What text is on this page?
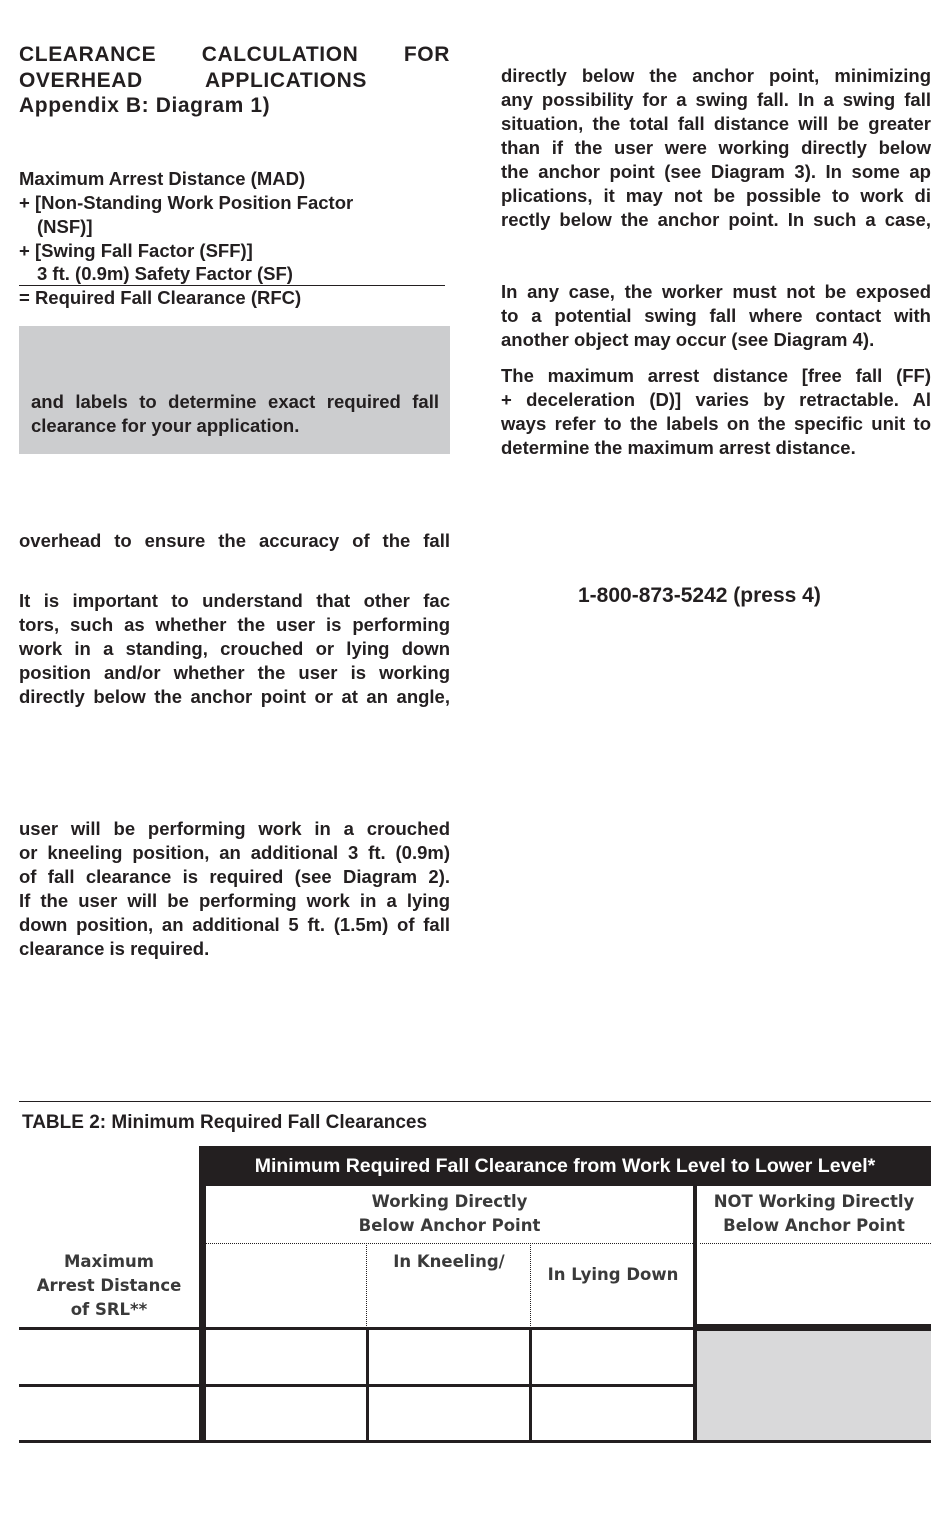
CLEARANCE CALCULATION FOR
OVERHEAD APPLICATIONS
Appendix B: Diagram 1)
Maximum Arrest Distance (MAD)
+ [Non-Standing Work Position Factor
(NSF)]
+ [Swing Fall Factor (SFF)]
3 ft. (0.9m) Safety Factor (SF)
= Required Fall Clearance (RFC)
and labels to determine exact required fall
clearance for your application.
overhead to ensure the accuracy of the fall
It is important to understand that other fac
tors, such as whether the user is performing
work in a standing, crouched or lying down
position and/or whether the user is working
directly below the anchor point or at an angle,
user will be performing work in a crouched
or kneeling position, an additional 3 ft. (0.9m)
of fall clearance is required (see Diagram 2).
If the user will be performing work in a lying
down position, an additional 5 ft. (1.5m) of fall
clearance is required.
directly below the anchor point, minimizing
any possibility for a swing fall. In a swing fall
situation, the total fall distance will be greater
than if the user were working directly below
the anchor point (see Diagram 3). In some ap
plications, it may not be possible to work di
rectly below the anchor point. In such a case,
In any case, the worker must not be exposed
to a potential swing fall where contact with
another object may occur (see Diagram 4).
The maximum arrest distance [free fall (FF)
+ deceleration (D)] varies by retractable. Al
ways refer to the labels on the specific unit to
determine the maximum arrest distance.
1-800-873-5242 (press 4)
TABLE 2: Minimum Required Fall Clearances
Minimum Required Fall Clearance from Work Level to Lower Level*
Working Directly
Below Anchor Point
NOT Working Directly
Below Anchor Point
Maximum
Arrest Distance
of SRL**
In Kneeling/
In Lying Down
